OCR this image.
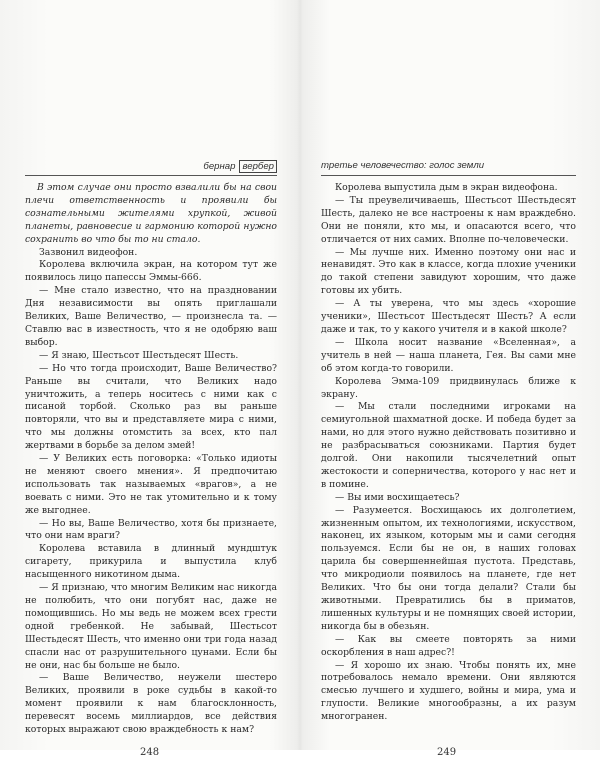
бернар вербер

В этом случае они просто взвалили бы на свои плечи ответственность и проявили бы сознательными жителями хрупкой, живой планеты, равновесие и гармонию которой нужно сохранить во что бы то ни стало.

Зазвонил видеофон.

Королева включила экран, на котором тут же появилось лицо папессы Эммы-666.

— Мне стало известно, что на праздновании Дня независимости вы опять приглашали Великих, Ваше Величество, — произнесла та. — Ставлю вас в известность, что я не одобряю ваш выбор.

— Я знаю, Шестьсот Шестьдесят Шесть.

— Но что тогда происходит, Ваше Величество? Раньше вы считали, что Великих надо уничтожить, а теперь носитесь с ними как с писаной торбой. Сколько раз вы раньше повторяли, что вы и представляете мира с ними, что мы должны отомстить за всех, кто пал жертвами в борьбе за делом змей!

— У Великих есть поговорка: «Только идиоты не меняют своего мнения». Я предпочитаю использовать так называемых «врагов», а не воевать с ними. Это не так утомительно и к тому же выгоднее.

— Но вы, Ваше Величество, хотя бы признаете, что они нам враги?

Королева вставила в длинный мундштук сигарету, прикурила и выпустила клуб насыщенного никотином дыма.

— Я признаю, что многим Великим нас никогда не полюбить, что они погубят нас, даже не помощившись. Но мы ведь не можем всех грести одной гребенкой. Не забывай, Шестьсот Шестьдесят Шесть, что именно они три года назад спасли нас от разрушительного цунами. Если бы не они, нас бы больше не было.

— Ваше Величество, неужели шестеро Великих, проявили в роке судьбы в какой-то момент проявили к нам благосклонность, перевесят восемь миллиардов, все действия которых выражают свою враждебность к нам?

248
третье человечество: голос земли

Королева выпустила дым в экран видеофона.

— Ты преувеличиваешь, Шестьсот Шестьдесят Шесть, далеко не все настроены к нам враждебно. Они не поняли, кто мы, и опасаются всего, что отличается от них самих. Вполне по-человечески.

— Мы лучше них. Именно поэтому они нас и ненавидят. Это как в классе, когда плохие ученики до такой степени завидуют хорошим, что даже готовы их убить.

— А ты уверена, что мы здесь «хорошие ученики», Шестьсот Шестьдесят Шесть? А если даже и так, то у какого учителя и в какой школе?

— Школа носит название «Вселенная», а учитель в ней — наша планета, Гея. Вы сами мне об этом когда-то говорили.

Королева Эмма-109 придвинулась ближе к экрану.

— Мы стали последними игроками на семиугольной шахматной доске. И победа будет за нами, но для этого нужно действовать позитивно и не разбрасываться союзниками. Партия будет долгой. Они накопили тысячелетний опыт жестокости и соперничества, которого у нас нет и в помине.

— Вы ими восхищаетесь?

— Разумеется. Восхищаюсь их долголетием, жизненным опытом, их технологиями, искусством, наконец, их языком, которым мы и сами сегодня пользуемся. Если бы не он, в наших головах царила бы совершеннейшая пустота. Представь, что микродиоли появилось на планете, где нет Великих. Что бы они тогда делали? Стали бы животными. Превратились бы в приматов, лишенных культуры и не помнящих своей истории, никогда бы в обезьян.

— Как вы смеете повторять за ними оскорбления в наш адрес?!

— Я хорошо их знаю. Чтобы понять их, мне потребовалось немало времени. Они являются смесью лучшего и худшего, войны и мира, ума и глупости. Великие многообразны, а их разум многогранен.

249
